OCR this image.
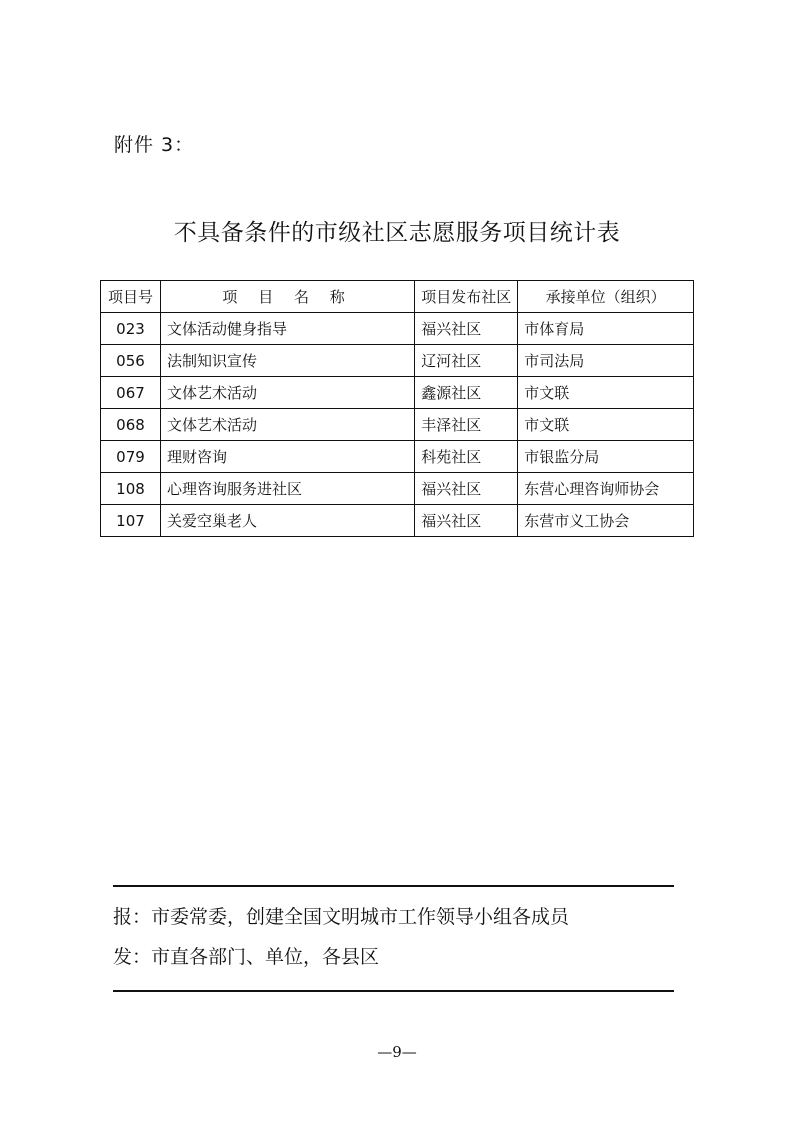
附件 3：
不具备条件的市级社区志愿服务项目统计表
项目号	项 目 名 称	项目发布社区	承接单位（组织）
023	文体活动健身指导	福兴社区	市体育局
056	法制知识宣传	辽河社区	市司法局
067	文体艺术活动	鑫源社区	市文联
068	文体艺术活动	丰泽社区	市文联
079	理财咨询	科苑社区	市银监分局
108	心理咨询服务进社区	福兴社区	东营心理咨询师协会
107	关爱空巢老人	福兴社区	东营市义工协会
报：市委常委，创建全国文明城市工作领导小组各成员
发：市直各部门、单位，各县区
—9—
